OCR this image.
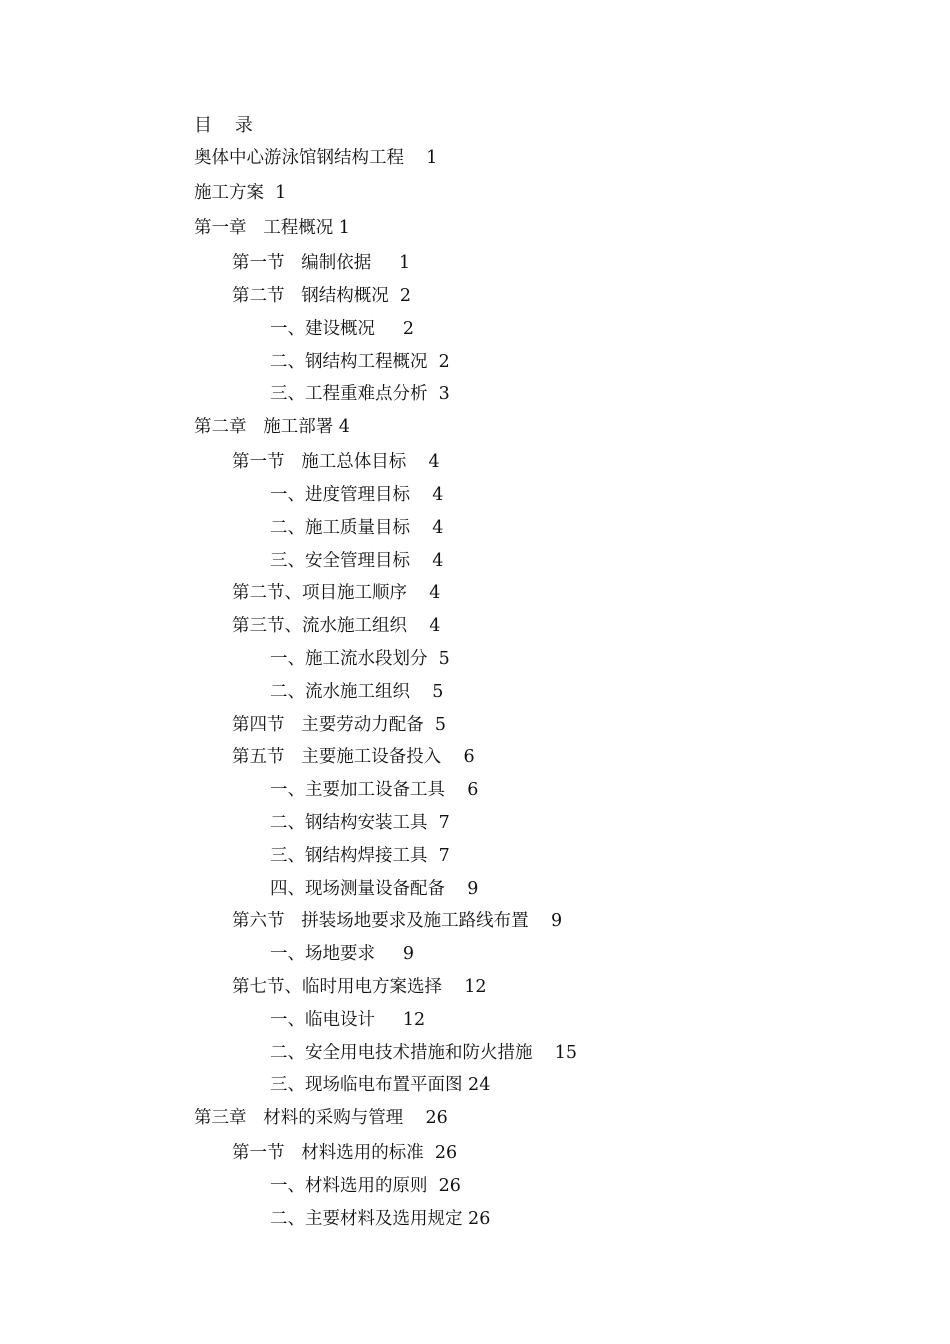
目    录
奥体中心游泳馆钢结构工程    1
施工方案  1
第一章   工程概况 1
第一节   编制依据     1
第二节   钢结构概况  2
一、建设概况     2
二、钢结构工程概况  2
三、工程重难点分析  3
第二章   施工部署 4
第一节   施工总体目标    4
一、进度管理目标    4
二、施工质量目标    4
三、安全管理目标    4
第二节、项目施工顺序    4
第三节、流水施工组织    4
一、施工流水段划分  5
二、流水施工组织    5
第四节   主要劳动力配备  5
第五节   主要施工设备投入    6
一、主要加工设备工具    6
二、钢结构安装工具  7
三、钢结构焊接工具  7
四、现场测量设备配备    9
第六节   拼装场地要求及施工路线布置    9
一、场地要求     9
第七节、临时用电方案选择    12
一、临电设计     12
二、安全用电技术措施和防火措施    15
三、现场临电布置平面图 24
第三章   材料的采购与管理    26
第一节   材料选用的标准  26
一、材料选用的原则  26
二、主要材料及选用规定 26
